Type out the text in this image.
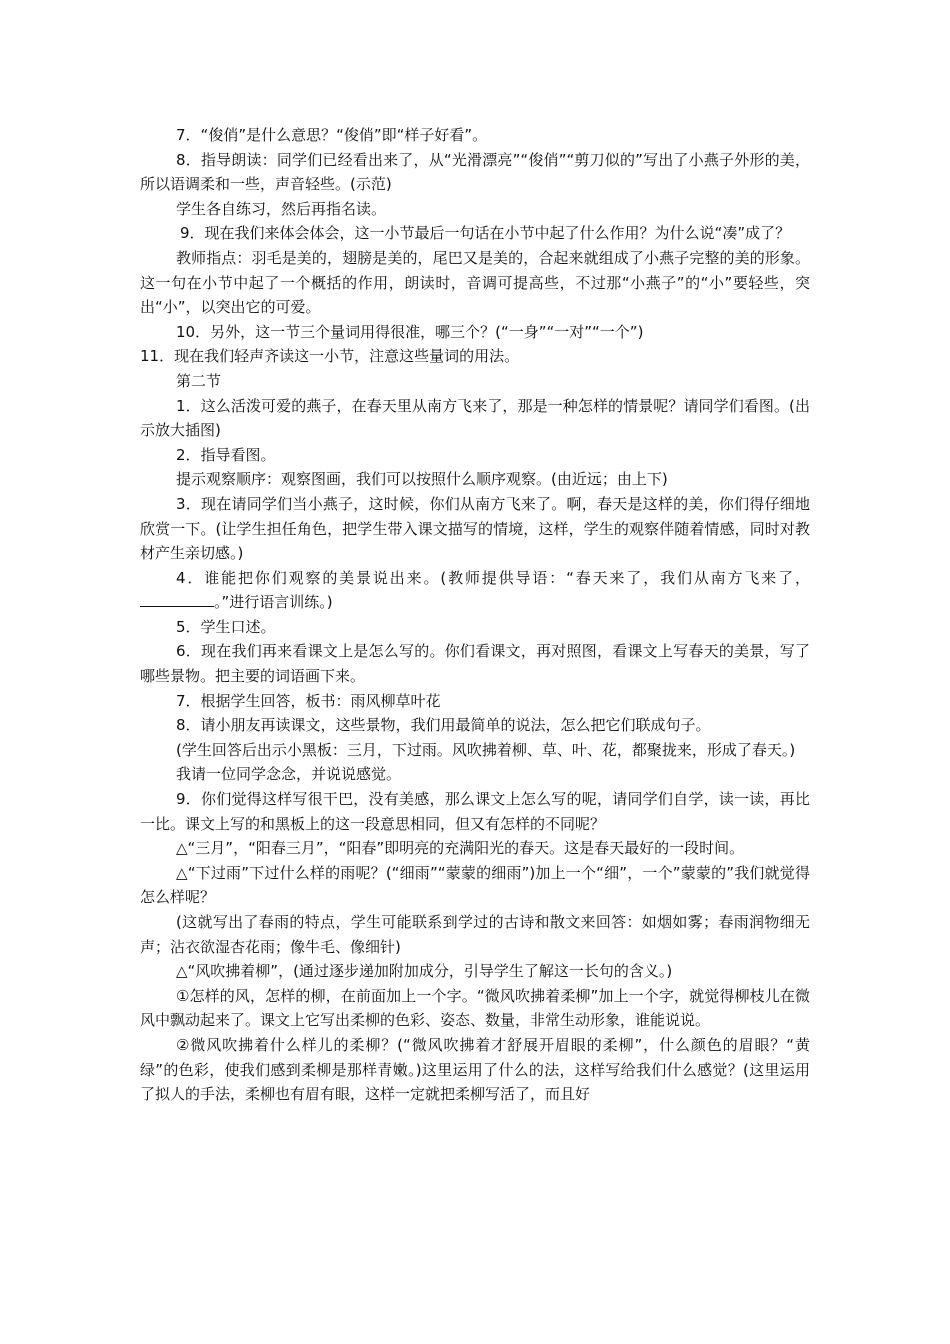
7．“俊俏”是什么意思？“俊俏”即“样子好看”。

8．指导朗读：同学们已经看出来了，从“光滑漂亮”“俊俏”“剪刀似的”写出了小燕子外形的美，所以语调柔和一些，声音轻些。(示范)

学生各自练习，然后再指名读。

9．现在我们来体会体会，这一小节最后一句话在小节中起了什么作用？为什么说“凑”成了？

教师指点：羽毛是美的，翅膀是美的，尾巴又是美的，合起来就组成了小燕子完整的美的形象。这一句在小节中起了一个概括的作用，朗读时，音调可提高些，不过那“小燕子”的“小”要轻些，突出“小”，以突出它的可爱。

10．另外，这一节三个量词用得很准，哪三个？(“一身”“一对”“一个”)

11．现在我们轻声齐读这一小节，注意这些量词的用法。

第二节

1．这么活泼可爱的燕子，在春天里从南方飞来了，那是一种怎样的情景呢？请同学们看图。(出示放大插图)

2．指导看图。

提示观察顺序：观察图画，我们可以按照什么顺序观察。(由近远；由上下)

3．现在请同学们当小燕子，这时候，你们从南方飞来了。啊，春天是这样的美，你们得仔细地欣赏一下。(让学生担任角色，把学生带入课文描写的情境，这样，学生的观察伴随着情感，同时对教材产生亲切感。)

4．谁能把你们观察的美景说出来。(教师提供导语：“春天来了，我们从南方飞来了，。”进行语言训练。)

5．学生口述。

6．现在我们再来看课文上是怎么写的。你们看课文，再对照图，看课文上写春天的美景，写了哪些景物。把主要的词语画下来。

7．根据学生回答，板书：雨风柳草叶花

8．请小朋友再读课文，这些景物，我们用最简单的说法，怎么把它们联成句子。

(学生回答后出示小黑板：三月，下过雨。风吹拂着柳、草、叶、花，都聚拢来，形成了春天。)

我请一位同学念念，并说说感觉。

9．你们觉得这样写很干巴，没有美感，那么课文上怎么写的呢，请同学们自学，读一读，再比一比。课文上写的和黑板上的这一段意思相同，但又有怎样的不同呢？

△“三月”，“阳春三月”，“阳春”即明亮的充满阳光的春天。这是春天最好的一段时间。

△“下过雨”下过什么样的雨呢？(“细雨”“蒙蒙的细雨”)加上一个“细”，一个”蒙蒙的”我们就觉得怎么样呢？

(这就写出了春雨的特点，学生可能联系到学过的古诗和散文来回答：如烟如雾；春雨润物细无声；沾衣欲湿杏花雨；像牛毛、像细针)

△“风吹拂着柳”，(通过逐步递加附加成分，引导学生了解这一长句的含义。)

①怎样的风，怎样的柳，在前面加上一个字。“微风吹拂着柔柳”加上一个字，就觉得柳枝儿在微风中飘动起来了。课文上它写出柔柳的色彩、姿态、数量，非常生动形象，谁能说说。

②微风吹拂着什么样儿的柔柳？(“微风吹拂着才舒展开眉眼的柔柳”，什么颜色的眉眼？“黄绿”的色彩，使我们感到柔柳是那样青嫩。)这里运用了什么的法，这样写给我们什么感觉？(这里运用了拟人的手法，柔柳也有眉有眼，这样一定就把柔柳写活了，而且好
